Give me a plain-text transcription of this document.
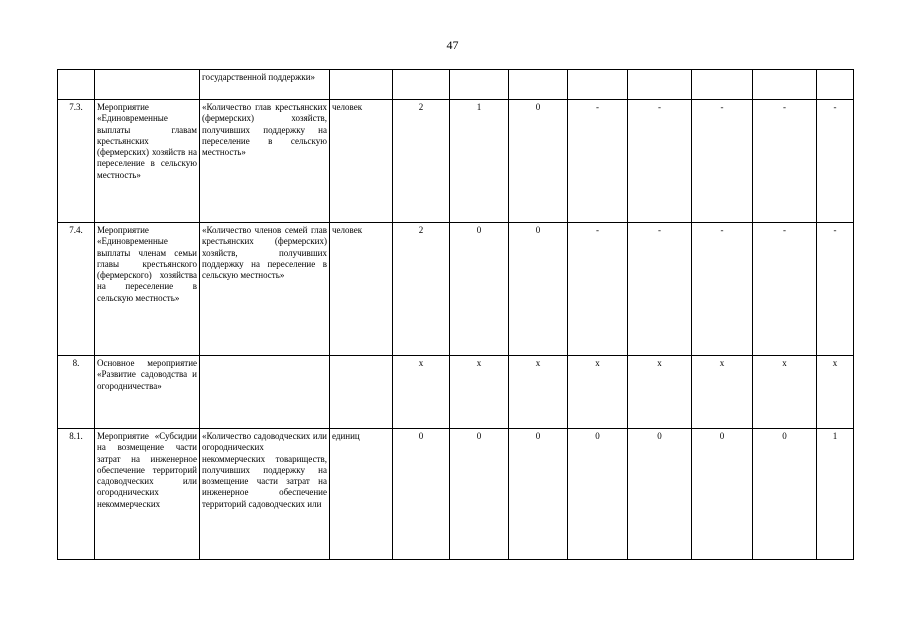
47
		государственной поддержки»										
7.3.	Мероприятие «Единовременные выплаты главам крестьянских (фермерских) хозяйств на переселение в сельскую местность»	«Количество глав крестьянских (фермерских) хозяйств, получивших поддержку на переселение в сельскую местность»	человек	2	1	0	-	-	-	-	-	
7.4.	Мероприятие «Единовременные выплаты членам семьи главы крестьянского (фермерского) хозяйства на переселение в сельскую местность»	«Количество членов семей глав крестьянских (фермерских) хозяйств, получивших поддержку на переселение в сельскую местность»	человек	2	0	0	-	-	-	-	-	
8.	Основное мероприятие «Развитие садоводства и огородничества»			x	x	x	x	x	x	x	x	
8.1.	Мероприятие «Субсидии на возмещение части затрат на инженерное обеспечение территорий садоводческих или огороднических некоммерческих	«Количество садоводческих или огороднических некоммерческих товариществ, получивших поддержку на возмещение части затрат на инженерное обеспечение территорий садоводческих или	единиц	0	0	0	0	0	0	0	1	
